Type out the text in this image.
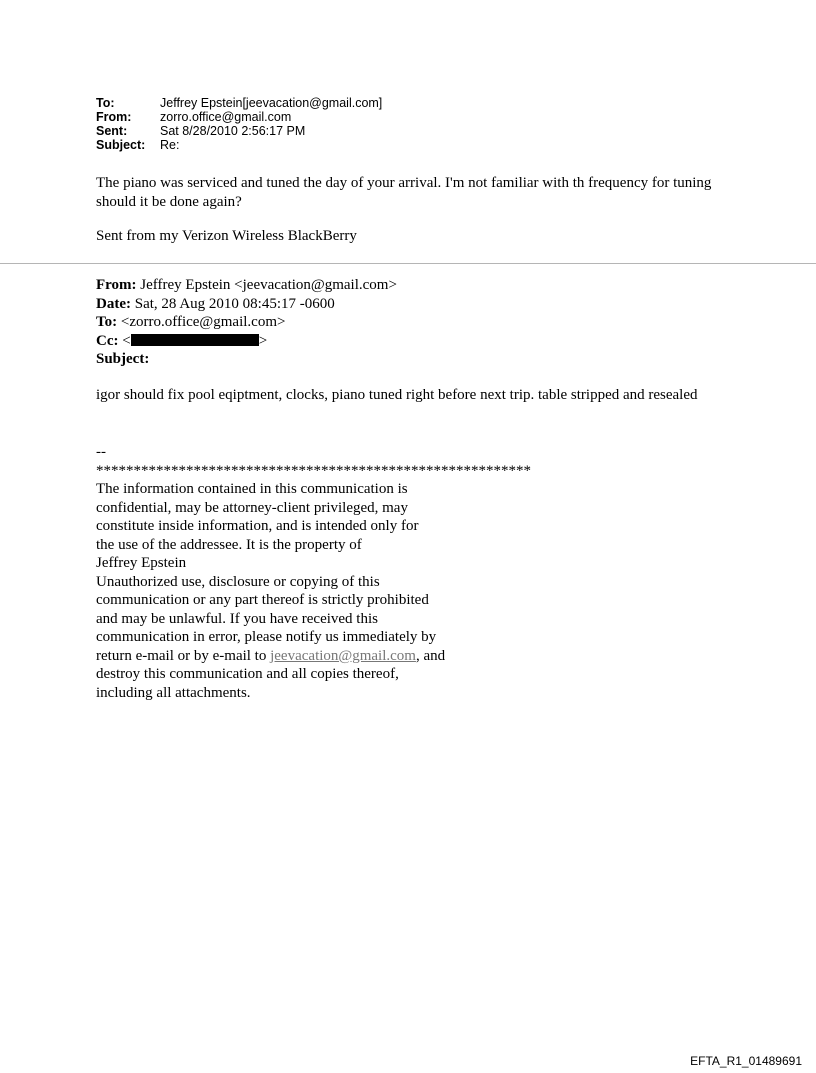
To:	Jeffrey Epstein[jeevacation@gmail.com]
From:	zorro.office@gmail.com
Sent:	Sat 8/28/2010 2:56:17 PM
Subject:	Re:
The piano was serviced and tuned the day of your arrival. I'm not familiar with th frequency for tuning should it be done again?
Sent from my Verizon Wireless BlackBerry
From: Jeffrey Epstein <jeevacation@gmail.com>
Date: Sat, 28 Aug 2010 08:45:17 -0600
To: <zorro.office@gmail.com>
Cc: <	>
Subject:
igor should fix pool eqiptment, clocks, piano tuned right before next trip. table stripped and resealed
--
**********************************************************
The information contained in this communication is
confidential, may be attorney-client privileged, may
constitute inside information, and is intended only for
the use of the addressee. It is the property of
Jeffrey Epstein
Unauthorized use, disclosure or copying of this
communication or any part thereof is strictly prohibited
and may be unlawful. If you have received this
communication in error, please notify us immediately by
return e-mail or by e-mail to jeevacation@gmail.com, and
destroy this communication and all copies thereof,
including all attachments.
EFTA_R1_01489691
